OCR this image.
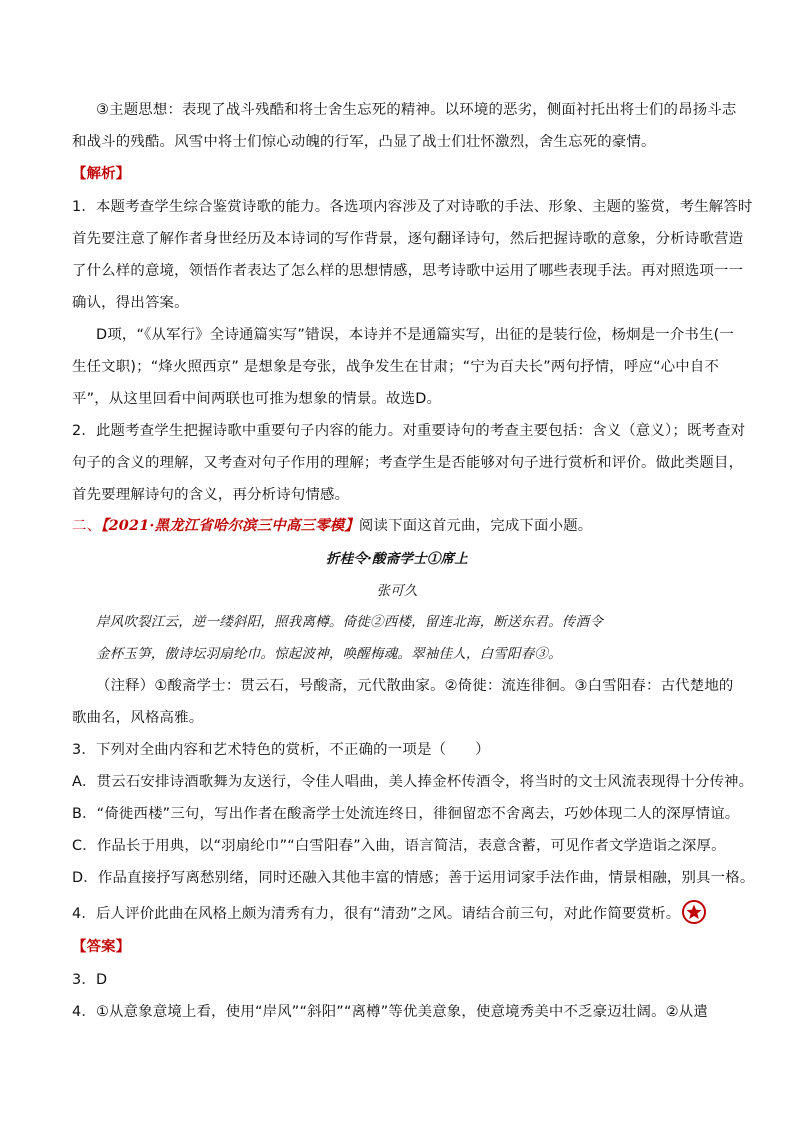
③主题思想：表现了战斗残酷和将士舍生忘死的精神。以环境的恶劣，侧面衬托出将士们的昂扬斗志
和战斗的残酷。风雪中将士们惊心动魄的行军，凸显了战士们壮怀激烈，舍生忘死的豪情。
【解析】
1．本题考查学生综合鉴赏诗歌的能力。各选项内容涉及了对诗歌的手法、形象、主题的鉴赏，考生解答时
首先要注意了解作者身世经历及本诗词的写作背景，逐句翻译诗句，然后把握诗歌的意象，分析诗歌营造
了什么样的意境，领悟作者表达了怎么样的思想情感，思考诗歌中运用了哪些表现手法。再对照选项一一
确认，得出答案。
D项，“《从军行》全诗通篇实写”错误，本诗并不是通篇实写，出征的是装行俭，杨炯是一介书生(一
生任文职)；“烽火照西京” 是想象是夸张，战争发生在甘肃；“宁为百夫长”两句抒情，呼应“心中自不
平”，从这里回看中间两联也可推为想象的情景。故选D。
2．此题考查学生把握诗歌中重要句子内容的能力。对重要诗句的考查主要包括：含义（意义）；既考查对
句子的含义的理解，又考查对句子作用的理解；考查学生是否能够对句子进行赏析和评价。做此类题目，
首先要理解诗句的含义，再分析诗句情感。
二、【2021·黑龙江省哈尔滨三中高三零模】阅读下面这首元曲，完成下面小题。
折桂令·酸斋学士①席上
张可久
岸风吹裂江云，逆一缕斜阳，照我离樽。倚徙②西楼，留连北海，断送东君。传酒令
金杯玉笋，傲诗坛羽扇纶巾。惊起波神，唤醒梅魂。翠袖佳人，白雪阳春③。
（注释）①酸斋学士：贯云石，号酸斋，元代散曲家。②倚徙：流连徘徊。③白雪阳春：古代楚地的
歌曲名，风格高雅。
3．下列对全曲内容和艺术特色的赏析，不正确的一项是（　　）
A．贯云石安排诗酒歌舞为友送行，令佳人唱曲，美人捧金杯传酒令，将当时的文士风流表现得十分传神。
B．“倚徙西楼”三句，写出作者在酸斋学士处流连终日，徘徊留恋不舍离去，巧妙体现二人的深厚情谊。
C．作品长于用典，以“羽扇纶巾”“白雪阳春”入曲，语言简洁，表意含蓄，可见作者文学造诣之深厚。
D．作品直接抒写离愁别绪，同时还融入其他丰富的情感；善于运用词家手法作曲，情景相融，别具一格。
4．后人评价此曲在风格上颇为清秀有力，很有“清劲”之风。请结合前三句，对此作简要赏析。
【答案】
3．D
4．①从意象意境上看，使用“岸风”“斜阳”“离樽”等优美意象，使意境秀美中不乏豪迈壮阔。②从遣
